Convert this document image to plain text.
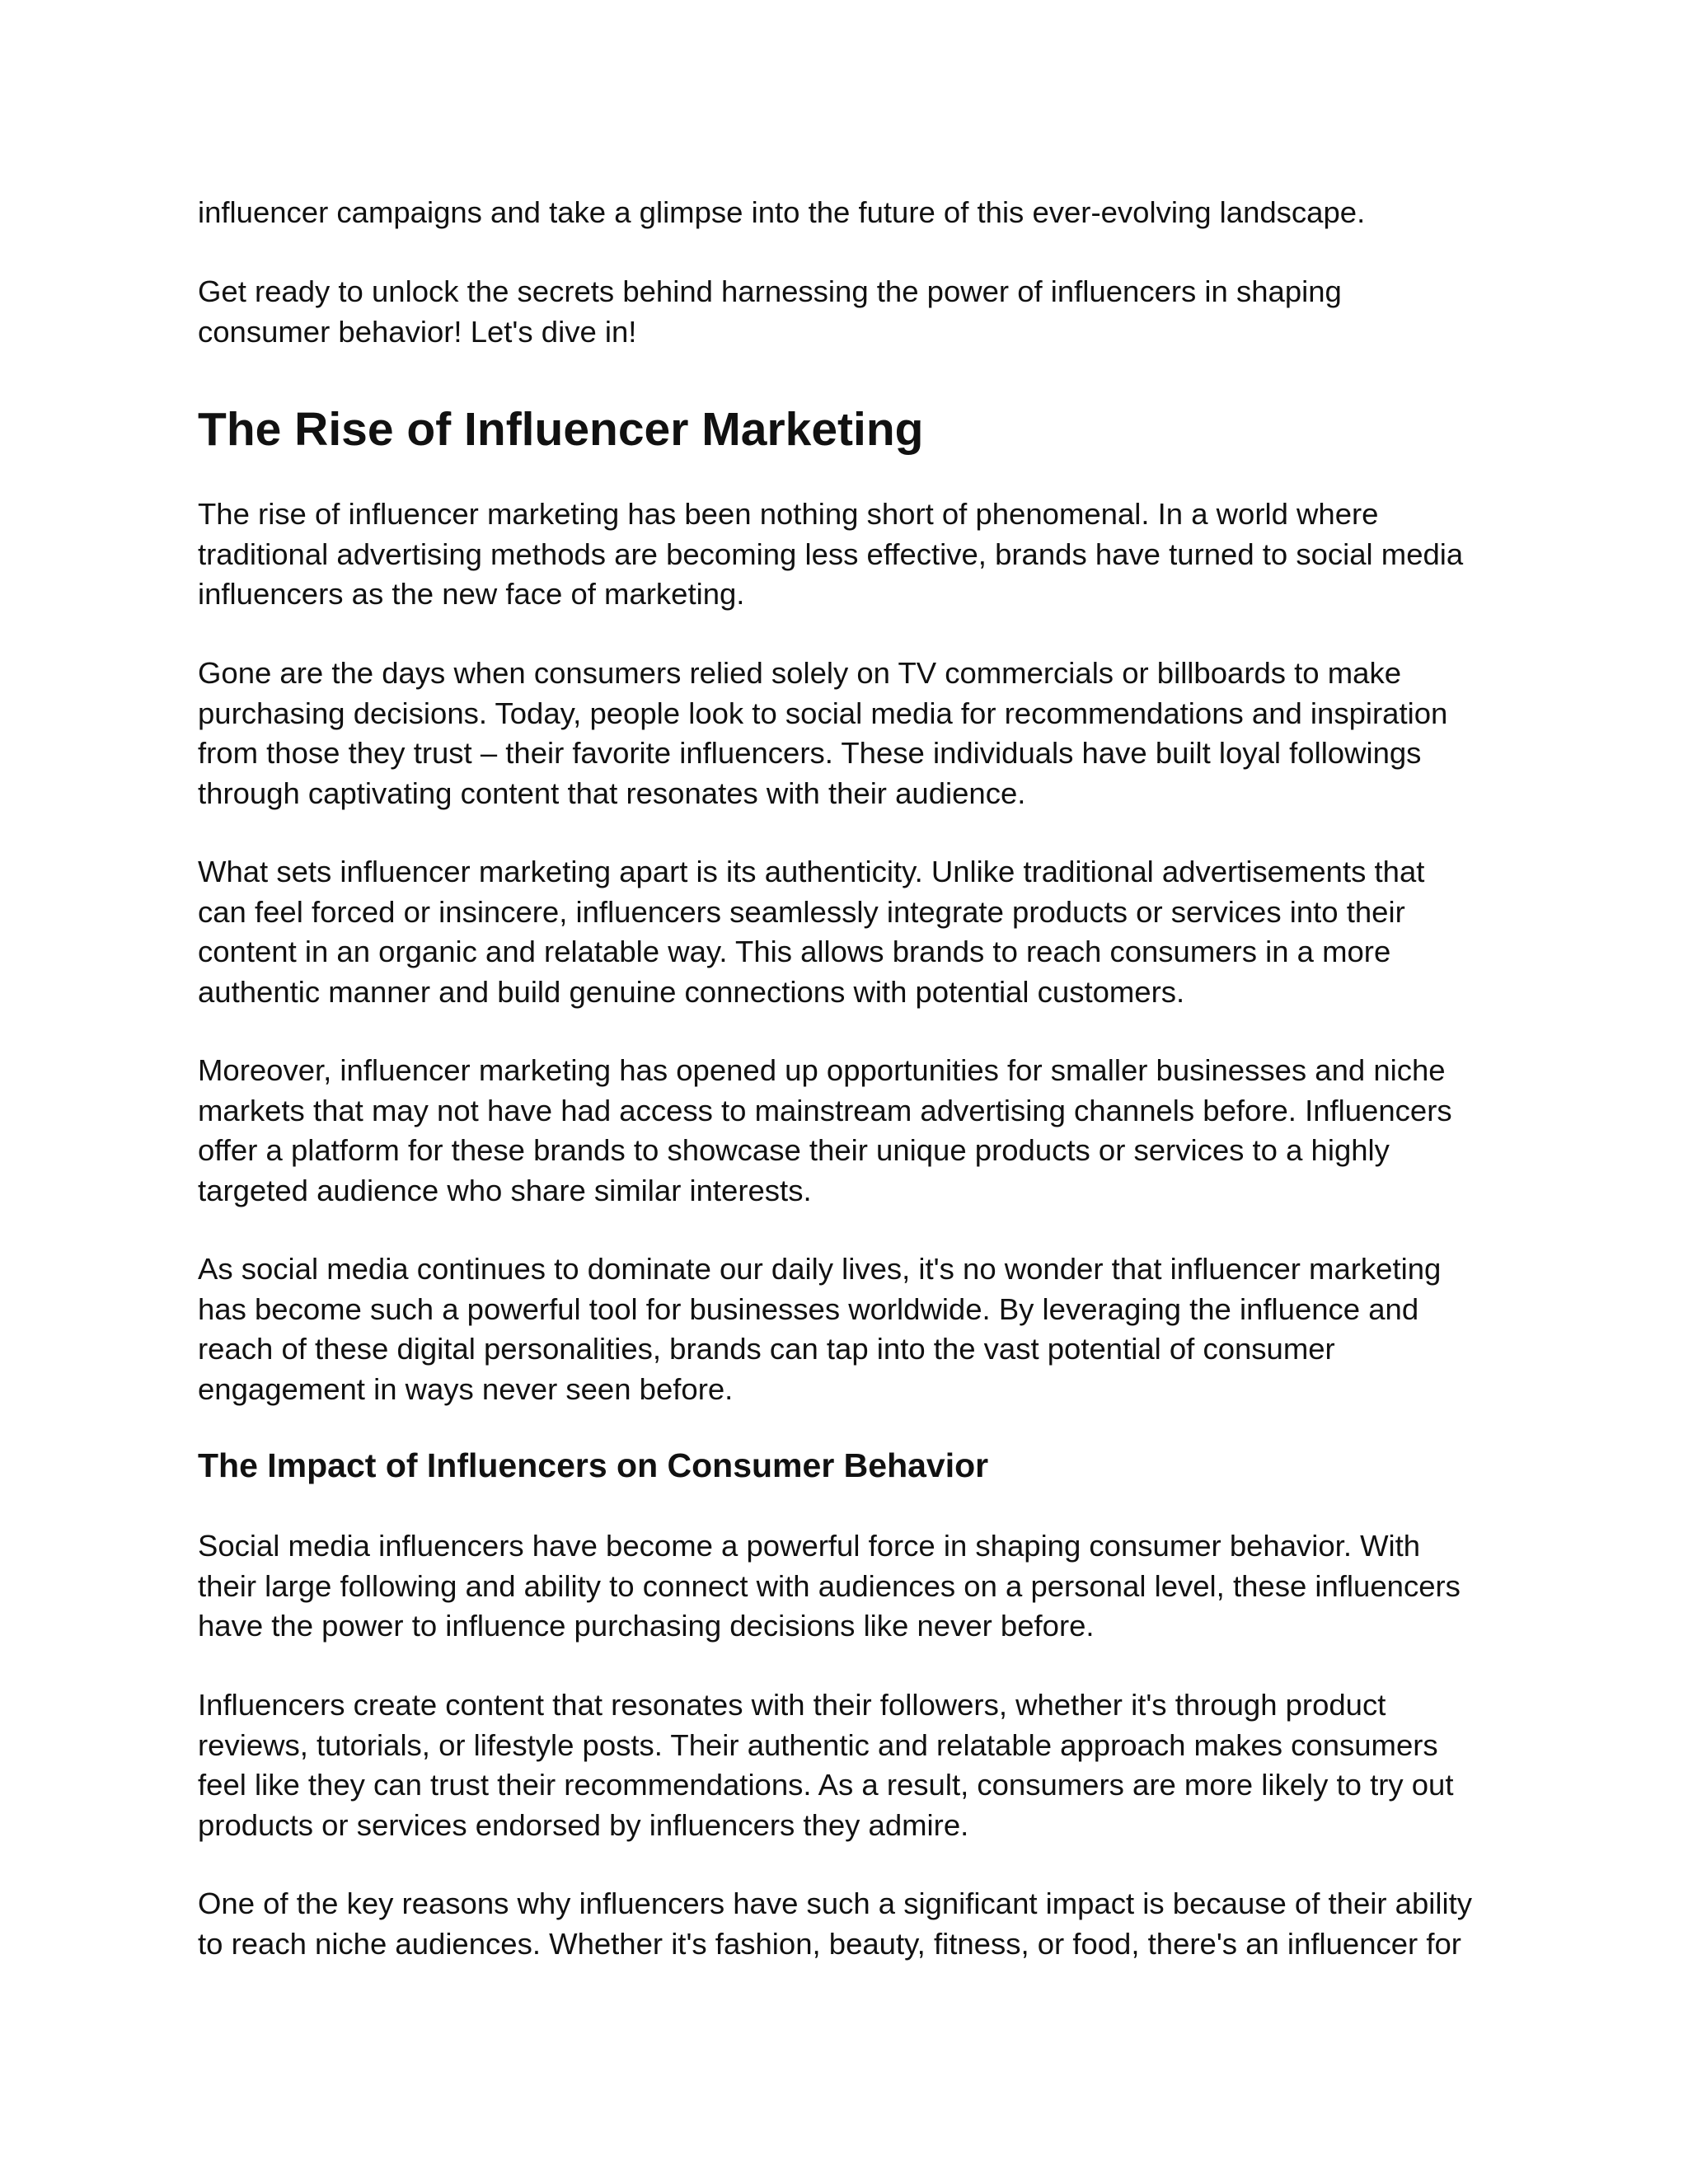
influencer campaigns and take a glimpse into the future of this ever-evolving landscape.

Get ready to unlock the secrets behind harnessing the power of influencers in shaping
consumer behavior! Let's dive in!

The Rise of Influencer Marketing

The rise of influencer marketing has been nothing short of phenomenal. In a world where
traditional advertising methods are becoming less effective, brands have turned to social media
influencers as the new face of marketing.

Gone are the days when consumers relied solely on TV commercials or billboards to make
purchasing decisions. Today, people look to social media for recommendations and inspiration
from those they trust – their favorite influencers. These individuals have built loyal followings
through captivating content that resonates with their audience.

What sets influencer marketing apart is its authenticity. Unlike traditional advertisements that
can feel forced or insincere, influencers seamlessly integrate products or services into their
content in an organic and relatable way. This allows brands to reach consumers in a more
authentic manner and build genuine connections with potential customers.

Moreover, influencer marketing has opened up opportunities for smaller businesses and niche
markets that may not have had access to mainstream advertising channels before. Influencers
offer a platform for these brands to showcase their unique products or services to a highly
targeted audience who share similar interests.

As social media continues to dominate our daily lives, it's no wonder that influencer marketing
has become such a powerful tool for businesses worldwide. By leveraging the influence and
reach of these digital personalities, brands can tap into the vast potential of consumer
engagement in ways never seen before.

The Impact of Influencers on Consumer Behavior

Social media influencers have become a powerful force in shaping consumer behavior. With
their large following and ability to connect with audiences on a personal level, these influencers
have the power to influence purchasing decisions like never before.

Influencers create content that resonates with their followers, whether it's through product
reviews, tutorials, or lifestyle posts. Their authentic and relatable approach makes consumers
feel like they can trust their recommendations. As a result, consumers are more likely to try out
products or services endorsed by influencers they admire.

One of the key reasons why influencers have such a significant impact is because of their ability
to reach niche audiences. Whether it's fashion, beauty, fitness, or food, there's an influencer for
